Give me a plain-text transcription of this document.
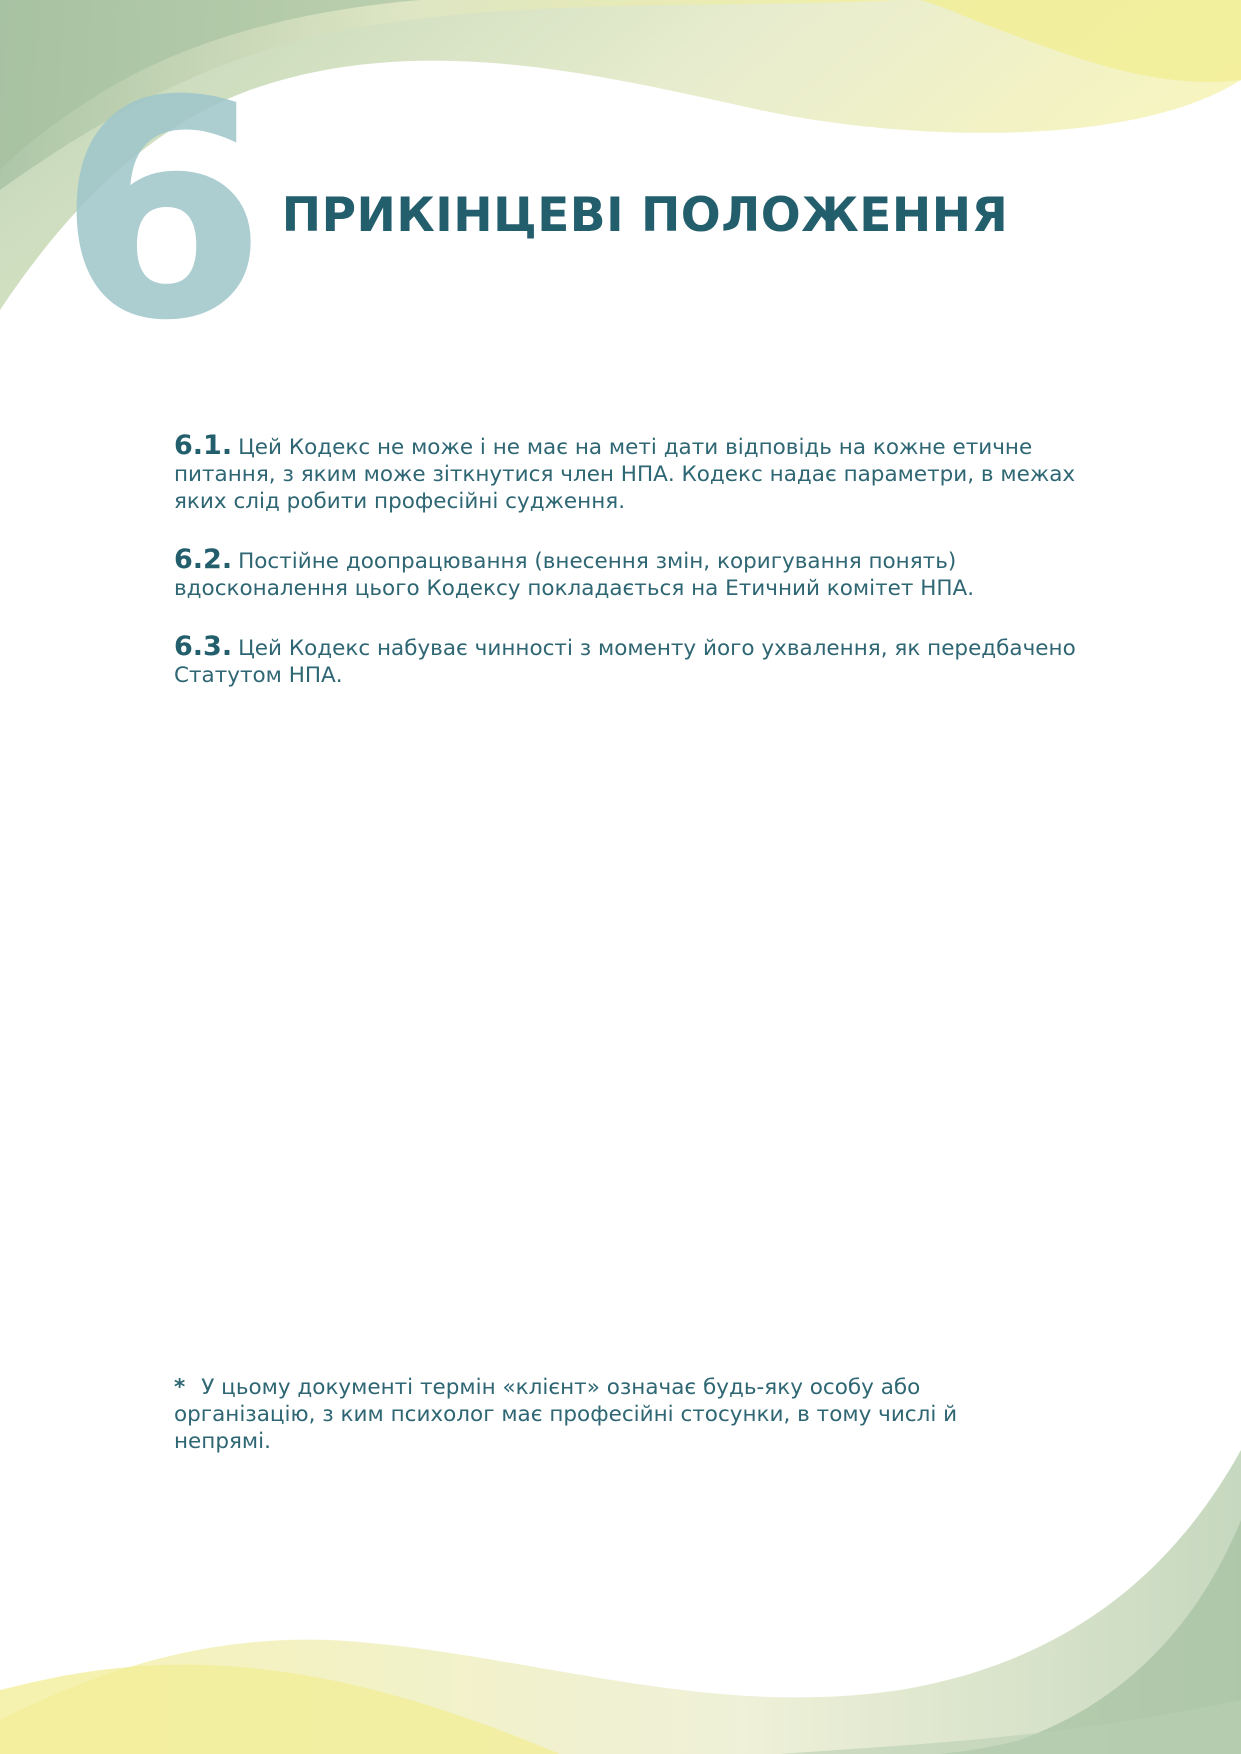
6 ПРИКІНЦЕВІ ПОЛОЖЕННЯ

6.1. Цей Кодекс не може і не має на меті дати відповідь на кожне етичне питання, з яким може зіткнутися член НПА. Кодекс надає параметри, в межах яких слід робити професійні судження.

6.2. Постійне доопрацювання (внесення змін, коригування понять) вдосконалення цього Кодексу покладається на Етичний комітет НПА.

6.3. Цей Кодекс набуває чинності з моменту його ухвалення, як передбачено Статутом НПА.

* У цьому документі термін «клієнт» означає будь-яку особу або організацію, з ким психолог має професійні стосунки, в тому числі й непрямі.
